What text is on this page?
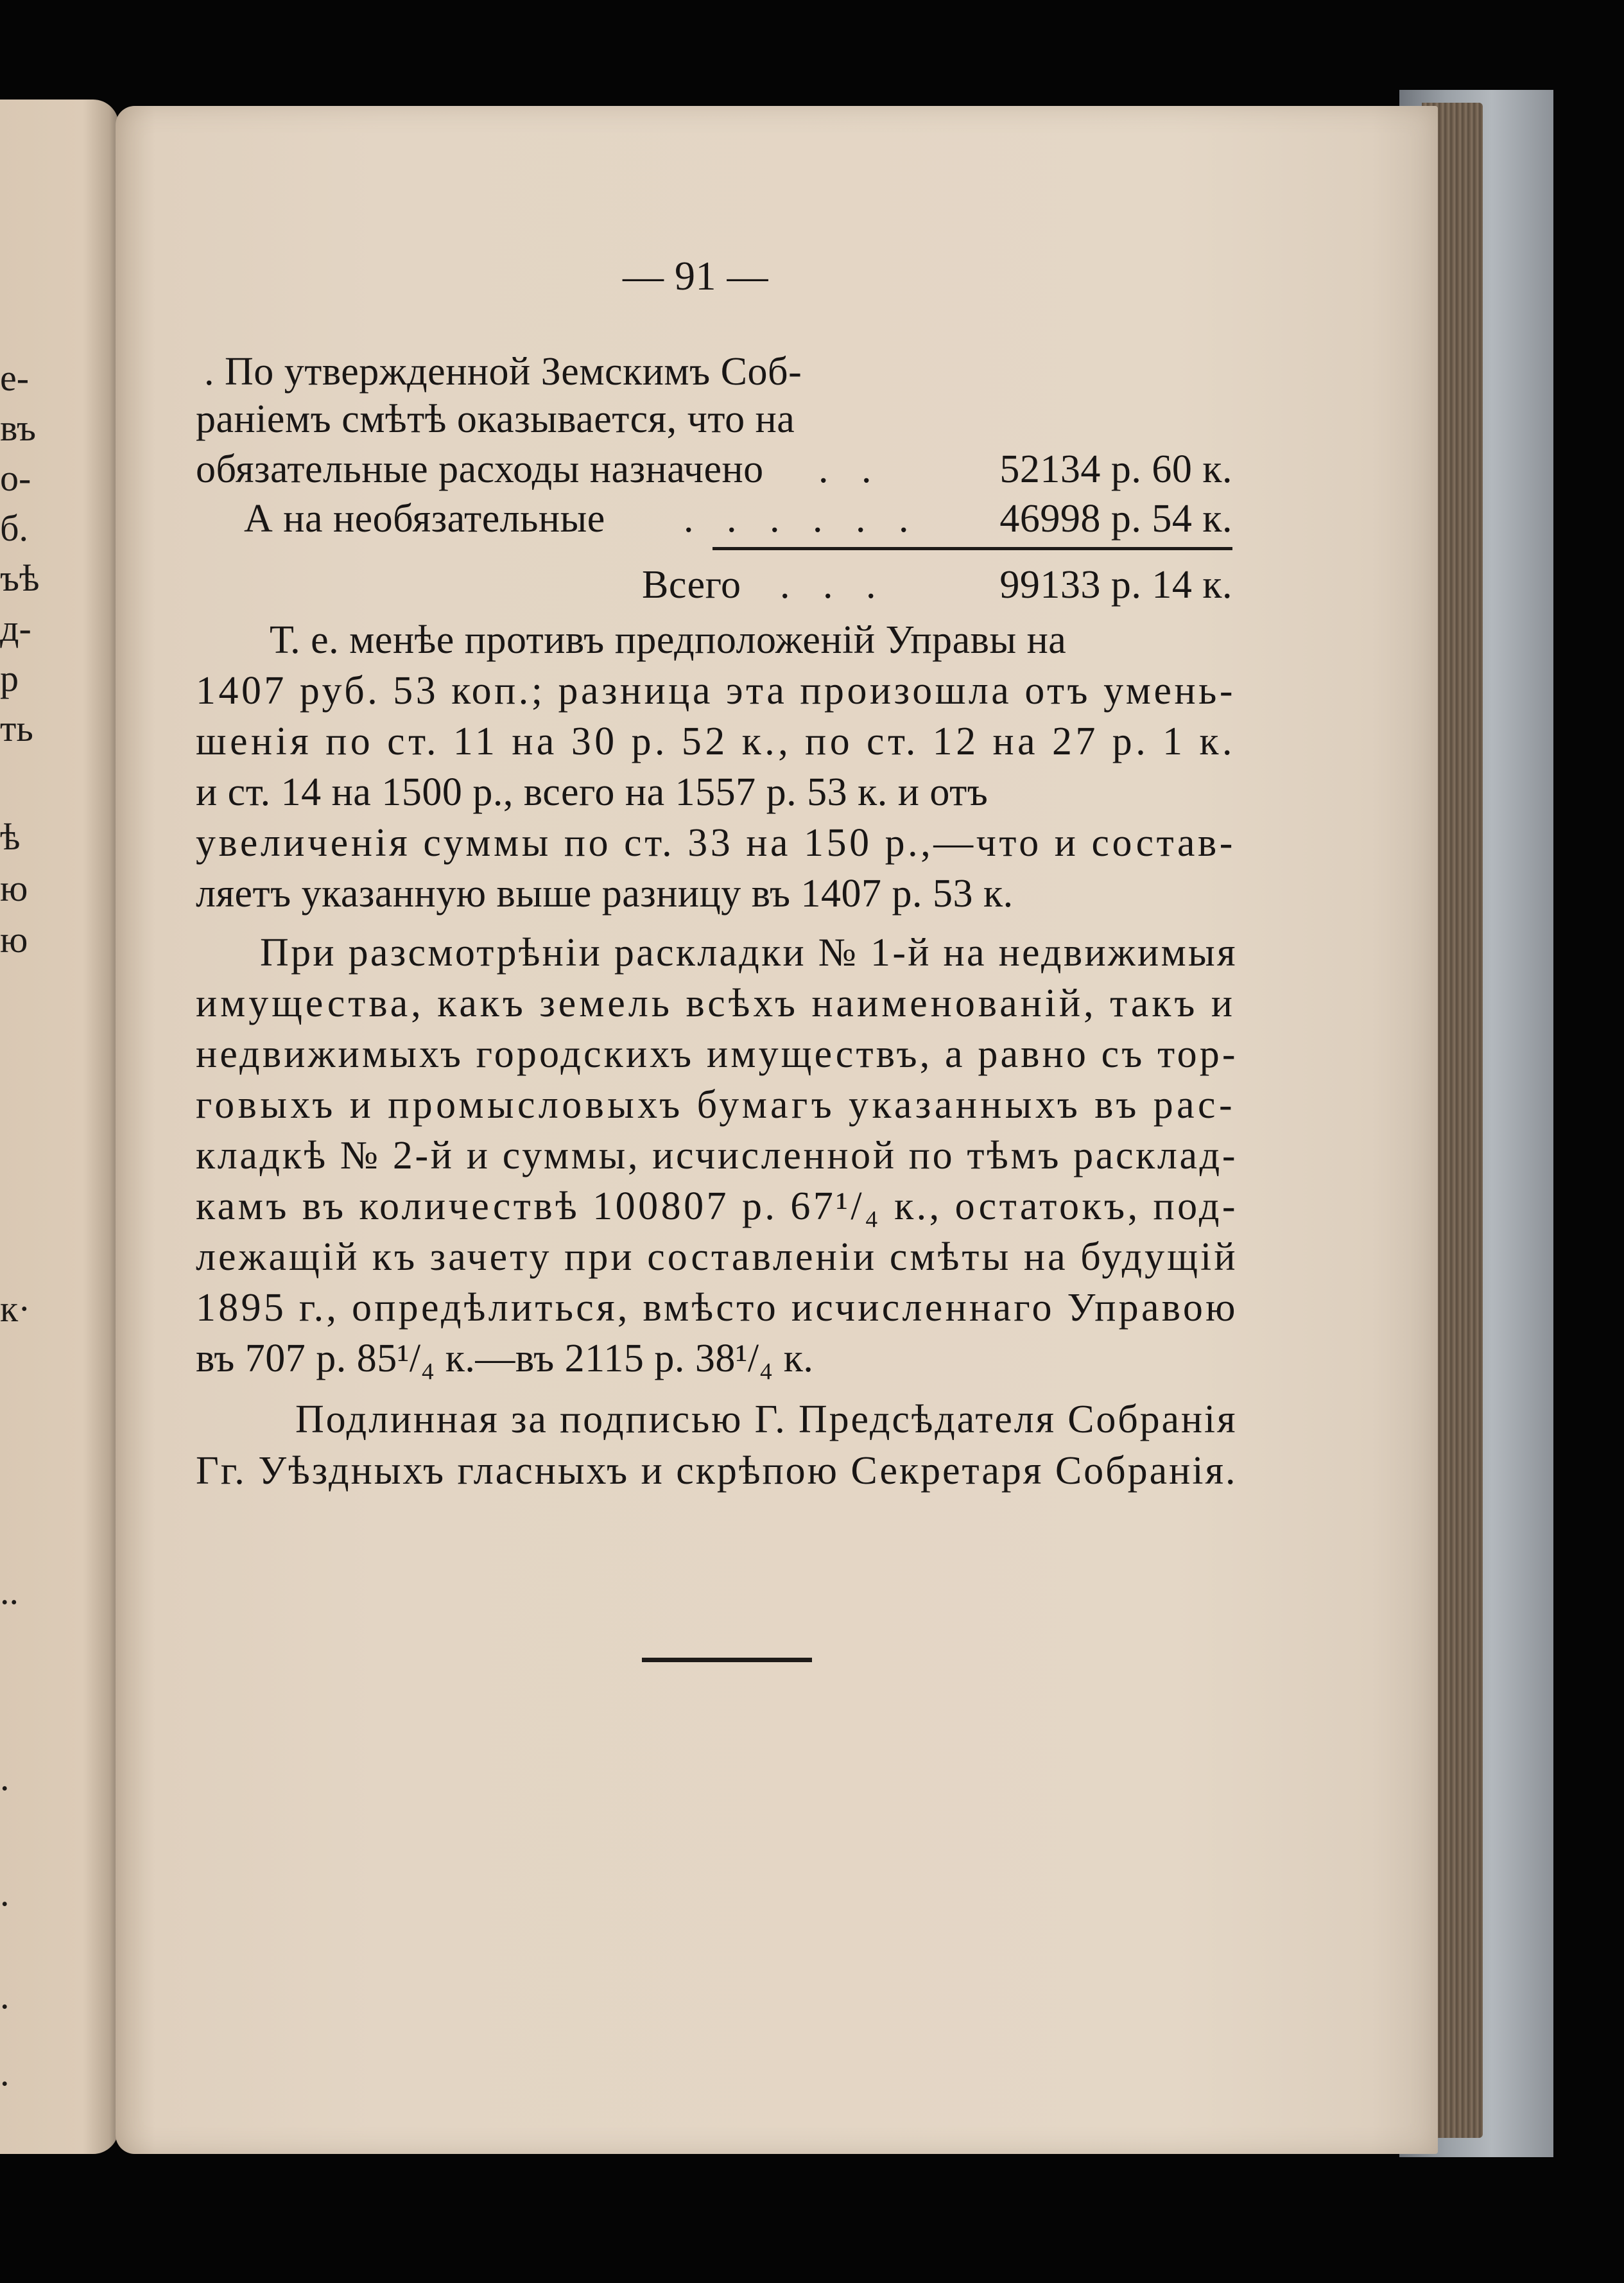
е-
въ
о-
б.
ъѣ
д-
р
ть
ѣ
ю
ю
к·
..
.
.
.
.
— 91 —
. По утвержденной Земскимъ Соб-
раніемъ смѣтѣ оказывается, что на
обязательные расходы назначено . .	52134 р. 60 к.
А на необязательные . . . . . .	46998 р. 54 к.
Всего . . .	99133 р. 14 к.
Т. е. менѣе противъ предположеній Управы на
1407 руб. 53 коп.; разница эта произошла отъ умень-
шенія по ст. 11 на 30 р. 52 к., по ст. 12 на 27 р. 1 к.
и ст. 14 на 1500 р., всего на 1557 р. 53 к. и отъ
увеличенія суммы по ст. 33 на 150 р.,—что и состав-
ляетъ указанную выше разницу въ 1407 р. 53 к.
При разсмотрѣніи раскладки № 1-й на недвижимыя
имущества, какъ земель всѣхъ наименованій, такъ и
недвижимыхъ городскихъ имуществъ, а равно съ тор-
говыхъ и промысловыхъ бумагъ указанныхъ въ рас-
кладкѣ № 2-й и суммы, исчисленной по тѣмъ расклад-
камъ въ количествѣ 100807 р. 67¹/₄ к., остатокъ, под-
лежащій къ зачету при составленіи смѣты на будущій
1895 г., опредѣлиться, вмѣсто исчисленнаго Управою
въ 707 р. 85¹/₄ к.—въ 2115 р. 38¹/₄ к.
Подлинная за подписью Г. Предсѣдателя Собранія
Гг. Уѣздныхъ гласныхъ и скрѣпою Секретаря Собранія.
